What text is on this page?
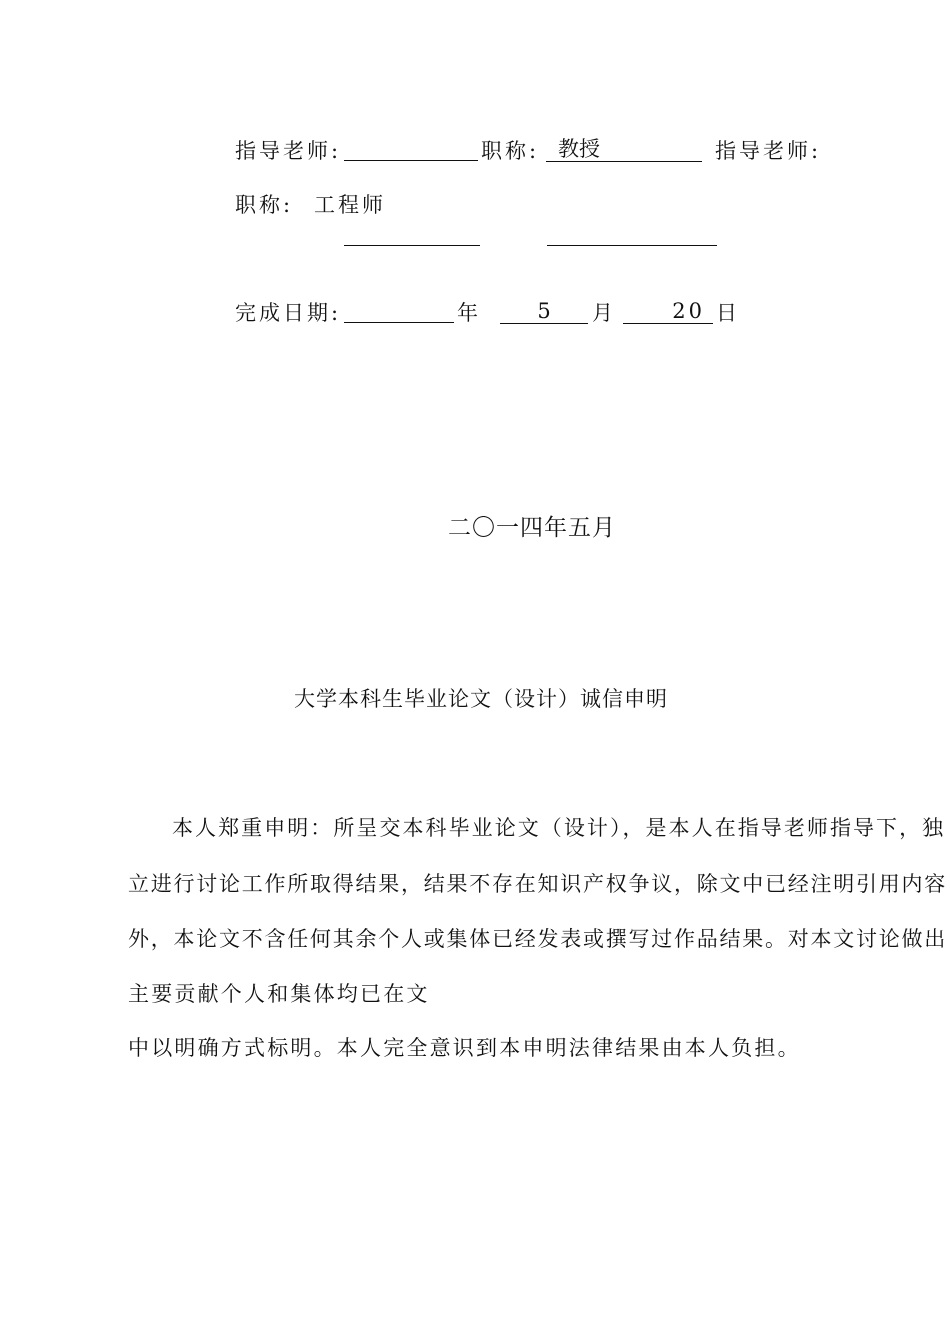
指导老师:	职称: 教授	指导老师:
职称: 工程师
完成日期:	年	5	月	20 日
二〇一四年五月
大学本科生毕业论文（设计）诚信申明
本人郑重申明：所呈交本科毕业论文（设计），是本人在指导老师指导下，独
立进行讨论工作所取得结果，结果不存在知识产权争议，除文中已经注明引用内容
外，本论文不含任何其余个人或集体已经发表或撰写过作品结果。对本文讨论做出
主要贡献个人和集体均已在文
中以明确方式标明。本人完全意识到本申明法律结果由本人负担。
